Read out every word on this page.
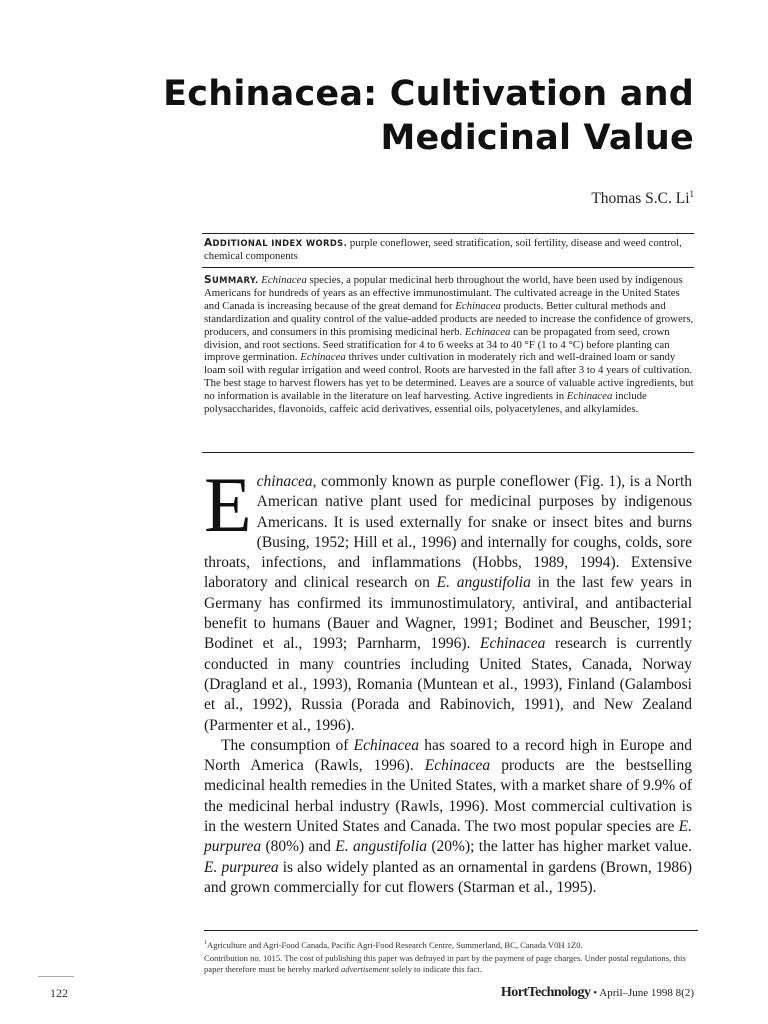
Echinacea: Cultivation and
Medicinal Value
Thomas S.C. Li$^1$
ADDITIONAL INDEX WORDS. purple coneflower, seed stratification, soil fertility, disease and weed control, chemical components
SUMMARY. Echinacea species, a popular medicinal herb throughout the world, have been used by indigenous Americans for hundreds of years as an effective immunostimulant. The cultivated acreage in the United States and Canada is increasing because of the great demand for Echinacea products. Better cultural methods and standardization and quality control of the value-added products are needed to increase the confidence of growers, producers, and consumers in this promising medicinal herb. Echinacea can be propagated from seed, crown division, and root sections. Seed stratification for 4 to 6 weeks at 34 to 40 °F (1 to 4 °C) before planting can improve germination. Echinacea thrives under cultivation in moderately rich and well-drained loam or sandy loam soil with regular irrigation and weed control. Roots are harvested in the fall after 3 to 4 years of cultivation. The best stage to harvest flowers has yet to be determined. Leaves are a source of valuable active ingredients, but no information is available in the literature on leaf harvesting. Active ingredients in Echinacea include polysaccharides, flavonoids, caffeic acid derivatives, essential oils, polyacetylenes, and alkylamides.

Echinacea, commonly known as purple coneflower (Fig. 1), is a North American native plant used for medicinal purposes by indigenous Americans. It is used externally for snake or insect bites and burns (Busing, 1952; Hill et al., 1996) and internally for coughs, colds, sore throats, infections, and inflammations (Hobbs, 1989, 1994). Extensive laboratory and clinical research on E. angustifolia in the last few years in Germany has confirmed its immunostimulatory, antiviral, and antibacterial benefit to humans (Bauer and Wagner, 1991; Bodinet and Beuscher, 1991; Bodinet et al., 1993; Parnharm, 1996). Echinacea research is currently conducted in many countries including United States, Canada, Norway (Dragland et al., 1993), Romania (Muntean et al., 1993), Finland (Galambosi et al., 1992), Russia (Porada and Rabinovich, 1991), and New Zealand (Parmenter et al., 1996).

The consumption of Echinacea has soared to a record high in Europe and North America (Rawls, 1996). Echinacea products are the bestselling medicinal health remedies in the United States, with a market share of 9.9% of the medicinal herbal industry (Rawls, 1996). Most commercial cultivation is in the western United States and Canada. The two most popular species are E. purpurea (80%) and E. angustifolia (20%); the latter has higher market value. E. purpurea is also widely planted as an ornamental in gardens (Brown, 1986) and grown commercially for cut flowers (Starman et al., 1995).

$^1$Agriculture and Agri-Food Canada, Pacific Agri-Food Research Centre, Summerland, BC, Canada V0H 1Z0.

Contribution no. 1015. The cost of publishing this paper was defrayed in part by the payment of page charges. Under postal regulations, this paper therefore must be hereby marked advertisement solely to indicate this fact.

122	HortTechnology • April–June 1998 8(2)
